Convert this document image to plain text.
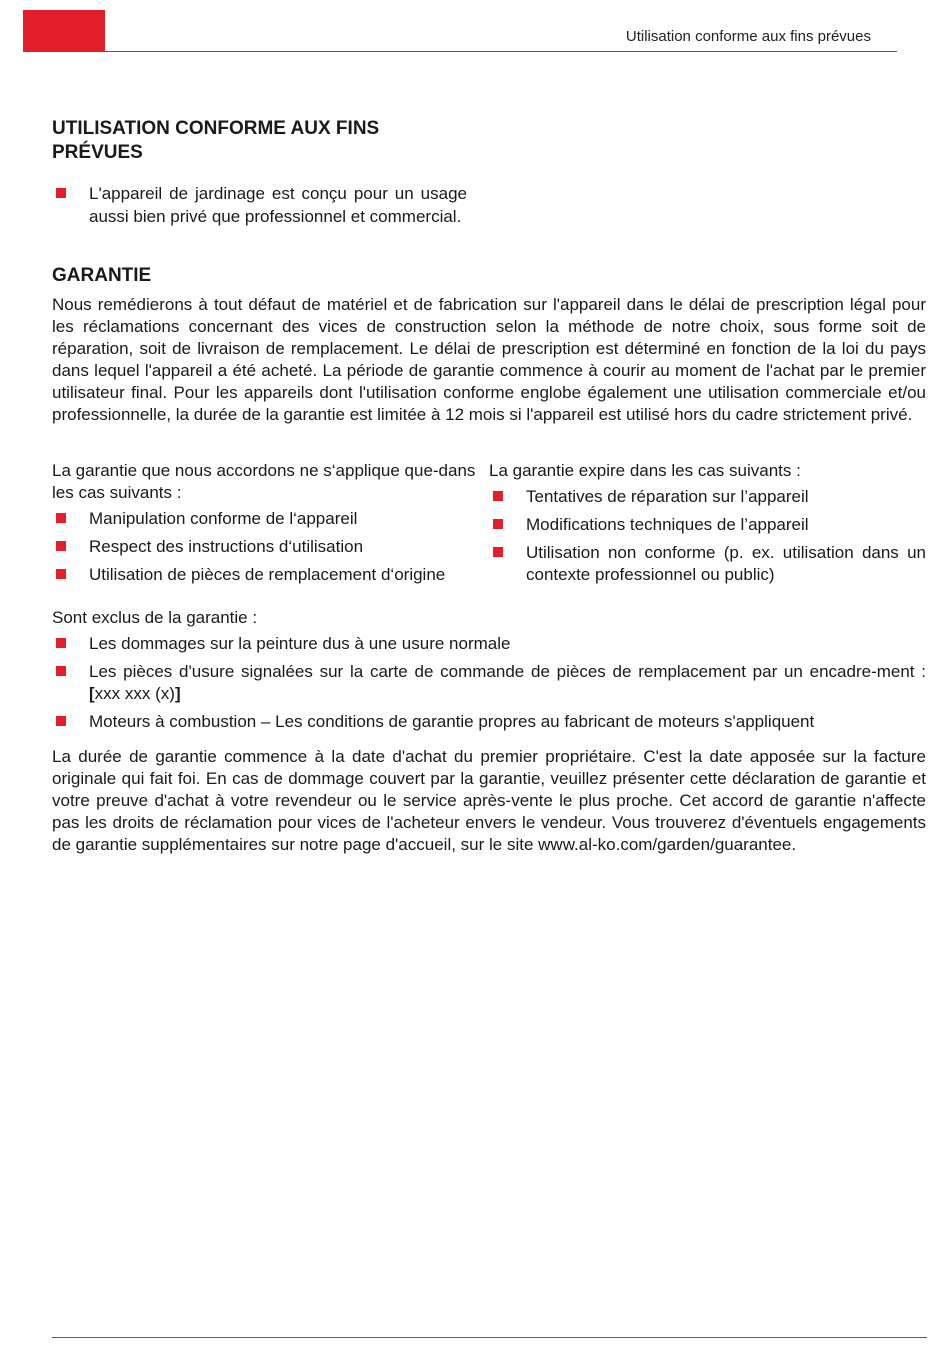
Utilisation conforme aux fins prévues
UTILISATION CONFORME AUX FINS PRÉVUES
L'appareil de jardinage est conçu pour un usage aussi bien privé que professionnel et commercial.
GARANTIE

Nous remédierons à tout défaut de matériel et de fabrication sur l'appareil dans le délai de prescription légal pour les réclamations concernant des vices de construction selon la méthode de notre choix, sous forme soit de réparation, soit de livraison de remplacement. Le délai de prescription est déterminé en fonction de la loi du pays dans lequel l'appareil a été acheté. La période de garantie commence à courir au moment de l'achat par le premier utilisateur final. Pour les appareils dont l'utilisation conforme englobe également une utilisation commerciale et/ou professionnelle, la durée de la garantie est limitée à 12 mois si l'appareil est utilisé hors du cadre strictement privé.

La garantie que nous accordons ne s‘applique que-dans les cas suivants :

Manipulation conforme de l‘appareil
Respect des instructions d‘utilisation
Utilisation de pièces de remplacement d‘origine

La garantie expire dans les cas suivants :

Tentatives de réparation sur l’appareil
Modifications techniques de l’appareil
Utilisation non conforme (p. ex. utilisation dans un contexte professionnel ou public)

Sont exclus de la garantie :

Les dommages sur la peinture dus à une usure normale
Les pièces d'usure signalées sur la carte de commande de pièces de remplacement par un encadre-ment : [xxx xxx (x)]
Moteurs à combustion – Les conditions de garantie propres au fabricant de moteurs s'appliquent

La durée de garantie commence à la date d'achat du premier propriétaire. C'est la date apposée sur la facture originale qui fait foi. En cas de dommage couvert par la garantie, veuillez présenter cette déclaration de garantie et votre preuve d'achat à votre revendeur ou le service après-vente le plus proche. Cet accord de garantie n'affecte pas les droits de réclamation pour vices de l'acheteur envers le vendeur. Vous trouverez d'éventuels engagements de garantie supplémentaires sur notre page d'accueil, sur le site www.al-ko.com/garden/guarantee.
